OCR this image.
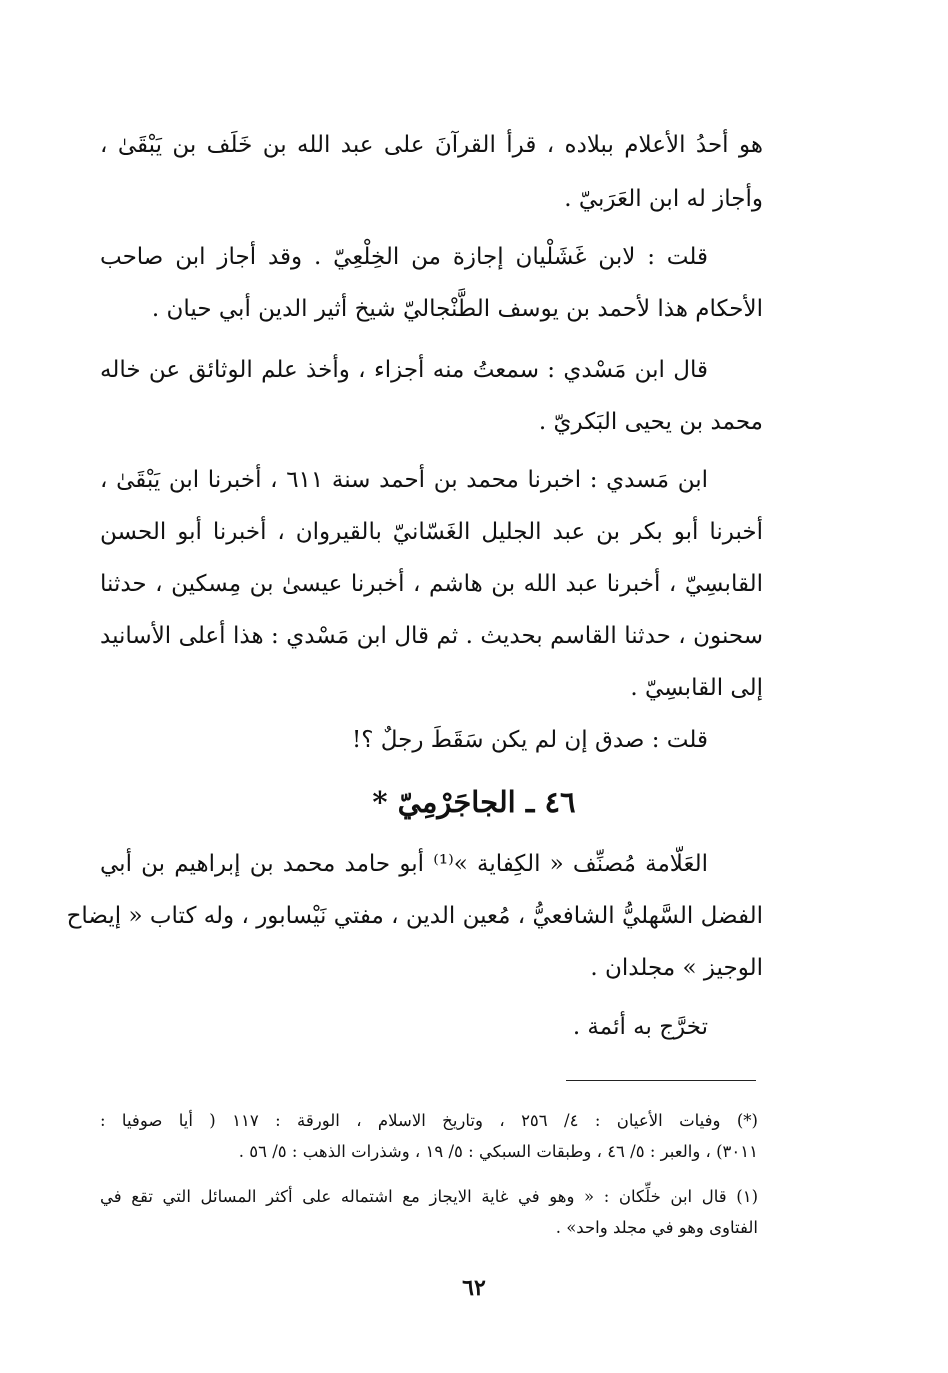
هو أحدُ الأعلام ببلاده ، قرأ القرآنَ على عبد الله بن خَلَف بن يَبْقَىٰ ،
وأجاز له ابن العَرَبيّ .
قلت : لابن غَشَلْيان إجازة من الخِلْعِيّ . وقد أجاز ابن صاحب
الأحكام هذا لأحمد بن يوسف الطَّنْجاليّ شيخ أثير الدين أبي حيان .
قال ابن مَسْدي : سمعتُ منه أجزاء ، وأخذ علم الوثائق عن خاله
محمد بن يحيى البَكريّ .
ابن مَسدي : اخبرنا محمد بن أحمد سنة ٦١١ ، أخبرنا ابن يَبْقَىٰ ،
أخبرنا أبو بكر بن عبد الجليل الغَسّانيّ بالقيروان ، أخبرنا أبو الحسن
القابسِيّ ، أخبرنا عبد الله بن هاشم ، أخبرنا عيسىٰ بن مِسكين ، حدثنا
سحنون ، حدثنا القاسم بحديث . ثم قال ابن مَسْدي : هذا أعلى الأسانيد
إلى القابسِيّ .
قلت : صدق إن لم يكن سَقَطَ رجلٌ ؟!
٤٦ ـ الجاجَرْمِيّ *
العَلّامة مُصنِّف « الكِفاية »⁽¹⁾ أبو حامد محمد بن إبراهيم بن أبي
الفضل السَّهليُّ الشافعيُّ ، مُعين الدين ، مفتي نَيْسابور ، وله كتاب « إيضاح
الوجيز » مجلدان .
تخرَّج به أئمة .
(*) وفيات الأعيان : ٤/ ٢٥٦ ، وتاريخ الاسلام ، الورقة : ١١٧ ( أيا صوفيا :
٣٠١١) ، والعبر : ٥/ ٤٦ ، وطبقات السبكي : ٥/ ١٩ ، وشذرات الذهب : ٥/ ٥٦ .
(١) قال ابن خلِّكان : « وهو في غاية الايجاز مع اشتماله على أكثر المسائل التي تقع في
الفتاوى وهو في مجلد واحد» .
٦٢
